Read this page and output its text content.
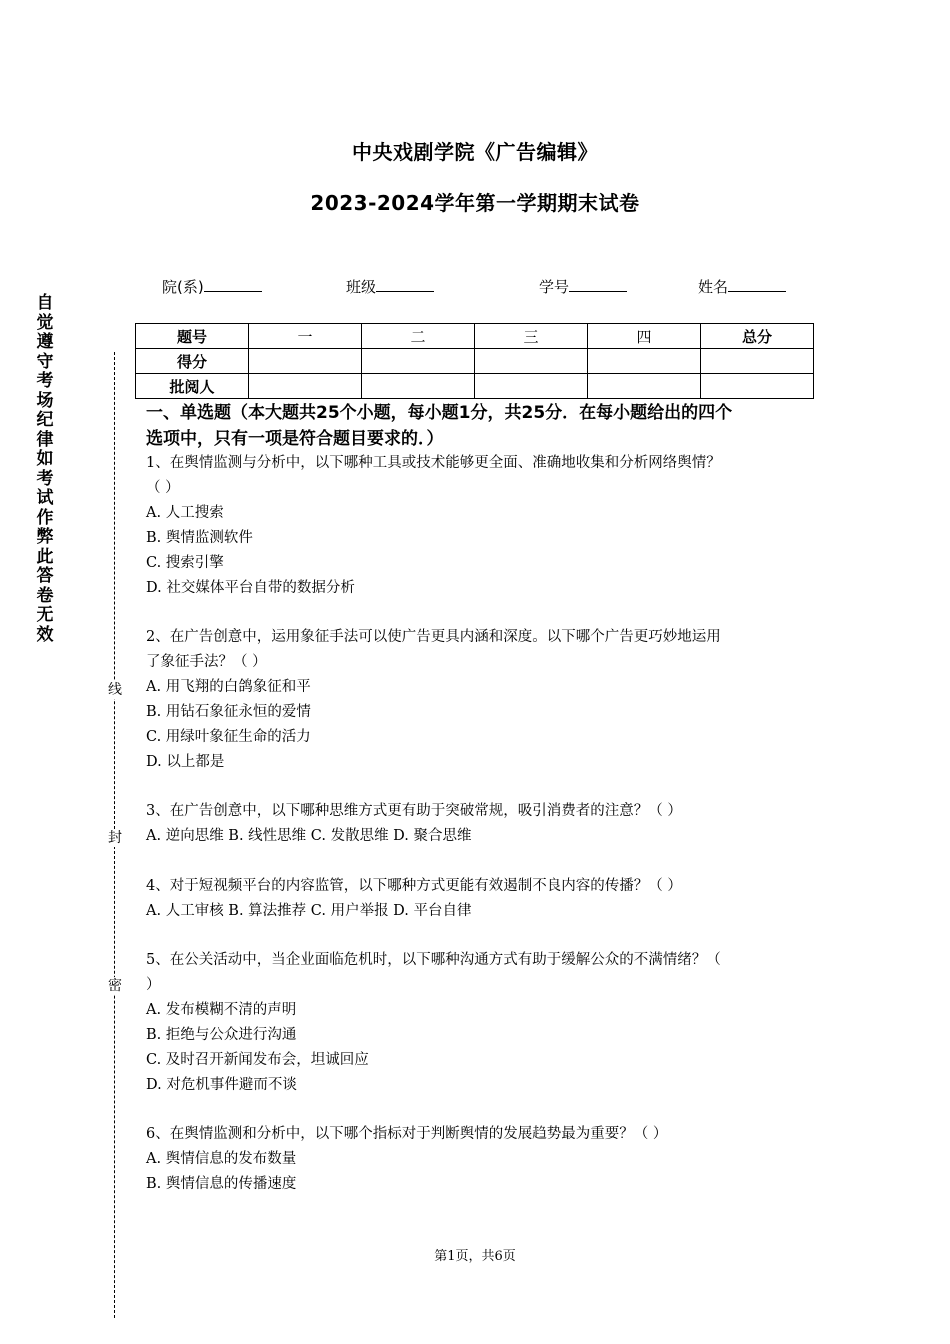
中央戏剧学院《广告编辑》
2023-2024学年第一学期期末试卷
院(系)	班级	学号	姓名
自
觉
遵
守
考
场
纪
律
如
考
试
作
弊
此
答
卷
无
效
线
封
密
题号	一	二	三	四	总分
得分					
批阅人					
一、单选题（本大题共25个小题，每小题1分，共25分．在每小题给出的四个
选项中，只有一项是符合题目要求的．）
1、在舆情监测与分析中，以下哪种工具或技术能够更全面、准确地收集和分析网络舆情？
（ ）
A. 人工搜索
B. 舆情监测软件
C. 搜索引擎
D. 社交媒体平台自带的数据分析
2、在广告创意中，运用象征手法可以使广告更具内涵和深度。以下哪个广告更巧妙地运用
了象征手法？（ ）
A. 用飞翔的白鸽象征和平
B. 用钻石象征永恒的爱情
C. 用绿叶象征生命的活力
D. 以上都是
3、在广告创意中，以下哪种思维方式更有助于突破常规，吸引消费者的注意？（ ）
A. 逆向思维 B. 线性思维 C. 发散思维 D. 聚合思维
4、对于短视频平台的内容监管，以下哪种方式更能有效遏制不良内容的传播？（ ）
A. 人工审核 B. 算法推荐 C. 用户举报 D. 平台自律
5、在公关活动中，当企业面临危机时，以下哪种沟通方式有助于缓解公众的不满情绪？（
）
A. 发布模糊不清的声明
B. 拒绝与公众进行沟通
C. 及时召开新闻发布会，坦诚回应
D. 对危机事件避而不谈
6、在舆情监测和分析中，以下哪个指标对于判断舆情的发展趋势最为重要？（ ）
A. 舆情信息的发布数量
B. 舆情信息的传播速度
第1页，共6页
